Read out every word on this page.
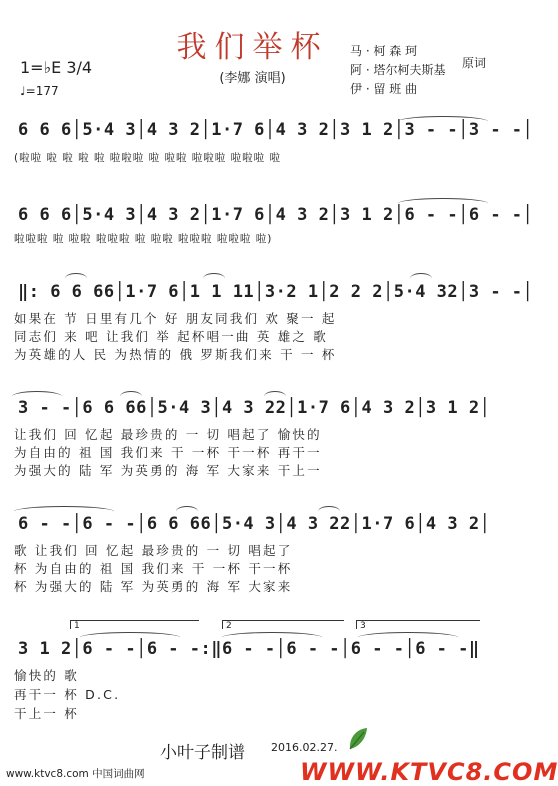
我们举杯
1=♭E 3/4
♩=177
(李娜 演唱)
马 · 柯 森 珂
阿 · 塔尔柯夫斯基
伊 · 留 班 曲
原词
6 6 6│5·4 3│4 3 2│1·7 6│4 3 2│3 1 2│3 - -│3 - -│
(啦啦 啦 啦 啦 啦 啦啦啦 啦 啦啦 啦啦啦 啦啦啦 啦
6 6 6│5·4 3│4 3 2│1·7 6│4 3 2│3 1 2│6 - -│6 - -│
啦啦啦 啦 啦啦 啦啦啦 啦 啦啦 啦啦啦 啦啦啦 啦)
‖: 6 6 66│1·7 6│1 1 11│3·2 1│2 2 2│5·4 32│3 - -│
如果在 节 日里有几个 好 朋友同我们 欢 聚一 起
同志们 来 吧 让我们 举 起杯唱一曲 英 雄之 歌
为英雄的人 民 为热情的 俄 罗斯我们来 干 一 杯
3 - -│6 6 66│5·4 3│4 3 22│1·7 6│4 3 2│3 1 2│
让我们 回 忆起 最珍贵的 一 切 唱起了 愉快的
为自由的 祖 国 我们来 干 一杯 干一杯 再干一
为强大的 陆 军 为英勇的 海 军 大家来 干上一
6 - -│6 - -│6 6 66│5·4 3│4 3 22│1·7 6│4 3 2│
歌 让我们 回 忆起 最珍贵的 一 切 唱起了
杯 为自由的 祖 国 我们来 干 一杯 干一杯
杯 为强大的 陆 军 为英勇的 海 军 大家来
1	2	3
3 1 2│6 - -│6 - -:‖6 - -│6 - -│6 - -│6 - -‖
愉快的 歌
再干一 杯 D.C.
干上一 杯
小叶子制谱 2016.02.27.
www.ktvc8.com 中国词曲网	WWW.KTVC8.COM
